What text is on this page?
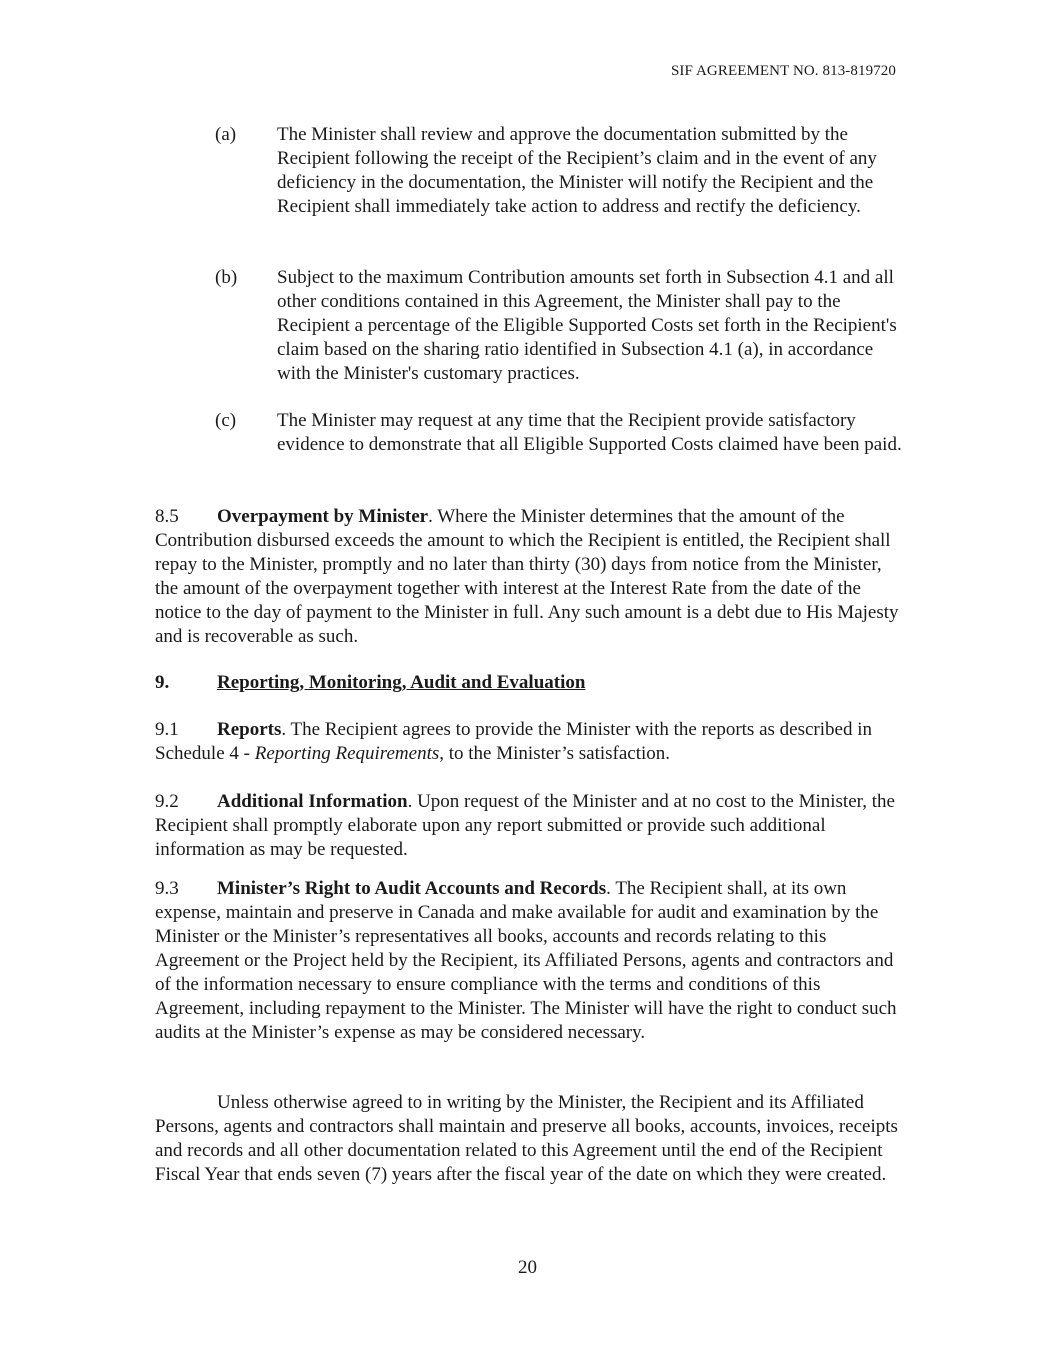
SIF AGREEMENT NO. 813-819720
(a) The Minister shall review and approve the documentation submitted by the Recipient following the receipt of the Recipient’s claim and in the event of any deficiency in the documentation, the Minister will notify the Recipient and the Recipient shall immediately take action to address and rectify the deficiency.
(b) Subject to the maximum Contribution amounts set forth in Subsection 4.1 and all other conditions contained in this Agreement, the Minister shall pay to the Recipient a percentage of the Eligible Supported Costs set forth in the Recipient's claim based on the sharing ratio identified in Subsection 4.1 (a), in accordance with the Minister's customary practices.
(c) The Minister may request at any time that the Recipient provide satisfactory evidence to demonstrate that all Eligible Supported Costs claimed have been paid.
8.5 Overpayment by Minister. Where the Minister determines that the amount of the Contribution disbursed exceeds the amount to which the Recipient is entitled, the Recipient shall repay to the Minister, promptly and no later than thirty (30) days from notice from the Minister, the amount of the overpayment together with interest at the Interest Rate from the date of the notice to the day of payment to the Minister in full. Any such amount is a debt due to His Majesty and is recoverable as such.
9.	Reporting, Monitoring, Audit and Evaluation
9.1 Reports. The Recipient agrees to provide the Minister with the reports as described in Schedule 4 - Reporting Requirements, to the Minister’s satisfaction.
9.2 Additional Information. Upon request of the Minister and at no cost to the Minister, the Recipient shall promptly elaborate upon any report submitted or provide such additional information as may be requested.
9.3 Minister’s Right to Audit Accounts and Records. The Recipient shall, at its own expense, maintain and preserve in Canada and make available for audit and examination by the Minister or the Minister’s representatives all books, accounts and records relating to this Agreement or the Project held by the Recipient, its Affiliated Persons, agents and contractors and of the information necessary to ensure compliance with the terms and conditions of this Agreement, including repayment to the Minister. The Minister will have the right to conduct such audits at the Minister’s expense as may be considered necessary.
Unless otherwise agreed to in writing by the Minister, the Recipient and its Affiliated Persons, agents and contractors shall maintain and preserve all books, accounts, invoices, receipts and records and all other documentation related to this Agreement until the end of the Recipient Fiscal Year that ends seven (7) years after the fiscal year of the date on which they were created.
20
